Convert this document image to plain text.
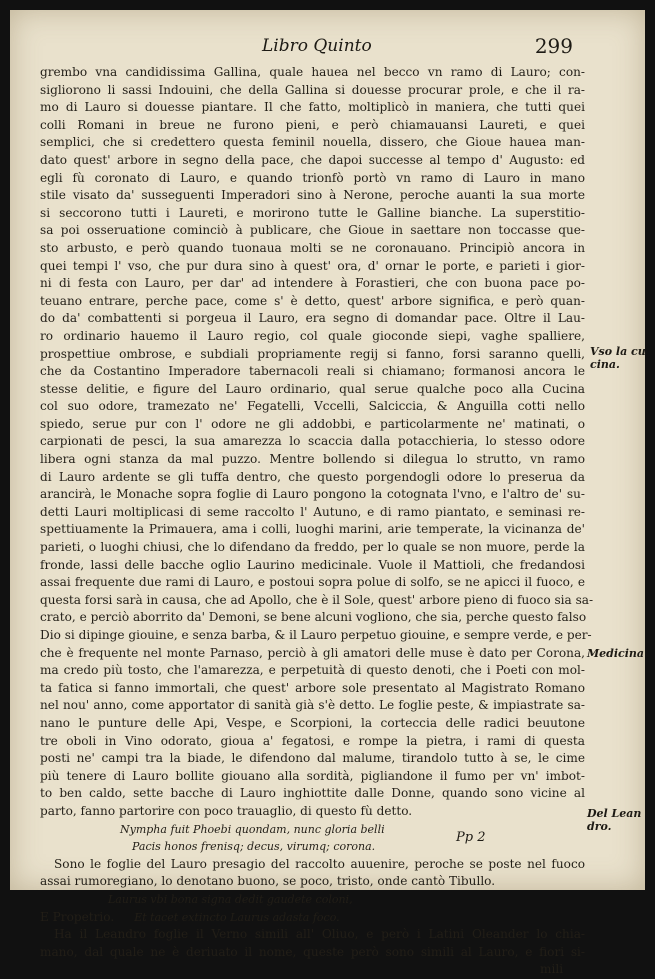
Libro Quinto	299
grembo vna candidissima Gallina, quale hauea nel becco vn ramo di Lauro; con-
sigliorono li sassi Indouini, che della Gallina si douesse procurar prole, e che il ra-
mo di Lauro si douesse piantare. Il che fatto, moltiplicò in maniera, che tutti quei
colli Romani in breue ne furono pieni, e però chiamauansi Laureti, e quei
semplici, che si credettero questa feminil nouella, dissero, che Gioue hauea man-
dato quest' arbore in segno della pace, che dapoi successe al tempo d' Augusto: ed
egli fù coronato di Lauro, e quando trionfò portò vn ramo di Lauro in mano
stile visato da' susseguenti Imperadori sino à Nerone, peroche auanti la sua morte
si seccorono tutti i Laureti, e morirono tutte le Galline bianche. La superstitio-
sa poi osseruatione cominciò à publicare, che Gioue in saettare non toccasse que-
sto arbusto, e però quando tuonaua molti se ne coronauano. Principiò ancora in
quei tempi l' vso, che pur dura sino à quest' ora, d' ornar le porte, e parieti i gior-
ni di festa con Lauro, per dar' ad intendere à Forastieri, che con buona pace po-
teuano entrare, perche pace, come s' è detto, quest' arbore significa, e però quan-
do da' combattenti si porgeua il Lauro, era segno di domandar pace. Oltre il Lau-
ro ordinario hauemo il Lauro regio, col quale gioconde siepi, vaghe spalliere,
prospettiue ombrose, e subdiali propriamente regij si fanno, forsi saranno quelli,
che da Costantino Imperadore tabernacoli reali si chiamano; formanosi ancora le
stesse delitie, e figure del Lauro ordinario, qual serue qualche poco alla Cucina
col suo odore, tramezato ne' Fegatelli, Vccelli, Salciccia, & Anguilla cotti nello
spiedo, serue pur con l' odore ne gli addobbi, e particolarmente ne' matinati, o
carpionati de pesci, la sua amarezza lo scaccia dalla potacchieria, lo stesso odore
libera ogni stanza da mal puzzo. Mentre bollendo si dilegua lo strutto, vn ramo
di Lauro ardente se gli tuffa dentro, che questo porgendogli odore lo preserua da
arancirà, le Monache sopra foglie di Lauro pongono la cotognata l'vno, e l'altro de' su-
detti Lauri moltiplicasi di seme raccolto l' Autuno, e di ramo piantato, e seminasi re-
spettiuamente la Primauera, ama i colli, luoghi marini, arie temperate, la vicinanza de'
parieti, o luoghi chiusi, che lo difendano da freddo, per lo quale se non muore, perde la
fronde, lassi delle bacche oglio Laurino medicinale. Vuole il Mattioli, che fredandosi
assai frequente due rami di Lauro, e postoui sopra polue di solfo, se ne apicci il fuoco, e
questa forsi sarà in causa, che ad Apollo, che è il Sole, quest' arbore pieno di fuoco sia sa-
crato, e perciò aborrito da' Demoni, se bene alcuni vogliono, che sia, perche questo falso
Dio si dipinge giouine, e senza barba, & il Lauro perpetuo giouine, e sempre verde, e per-
che è frequente nel monte Parnaso, perciò à gli amatori delle muse è dato per Corona,
ma credo più tosto, che l'amarezza, e perpetuità di questo denoti, che i Poeti con mol-
ta fatica si fanno immortali, che quest' arbore sole presentato al Magistrato Romano
nel nou' anno, come apportator di sanità già s'è detto. Le foglie peste, & impiastrate sa-
nano le punture delle Api, Vespe, e Scorpioni, la corteccia delle radici beuutone
tre oboli in Vino odorato, gioua a' fegatosi, e rompe la pietra, i rami di questa
posti ne' campi tra la biade, le difendono dal malume, tirandolo tutto à se, le cime
più tenere di Lauro bollite giouano alla sordità, pigliandone il fumo per vn' imbot-
to ben caldo, sette bacche di Lauro inghiottite dalle Donne, quando sono vicine al
parto, fanno partorire con poco trauaglio, di questo fù detto.
Nympha fuit Phoebi quondam, nunc gloria belli
Pacis honos frenisq; decus, virumq; corona.
Sono le foglie del Lauro presagio del raccolto auuenire, peroche se poste nel fuoco
assai rumoregiano, lo denotano buono, se poco, tristo, onde cantò Tibullo.
Laurus vbi bona signa dedit gaudete coloni,
E Propetrio. Et tacet extincto Laurus adasta foco.
Ha il Leandro foglie il Verno simili all' Oliuo, e però i Latini Oleander lo chia-
mano, dal quale ne è deriuato il nome, queste però sono simili al Lauro, e fiori si-
mili
Vso la cu cina.
Medicina
Del Lean dro.
Pp 2
